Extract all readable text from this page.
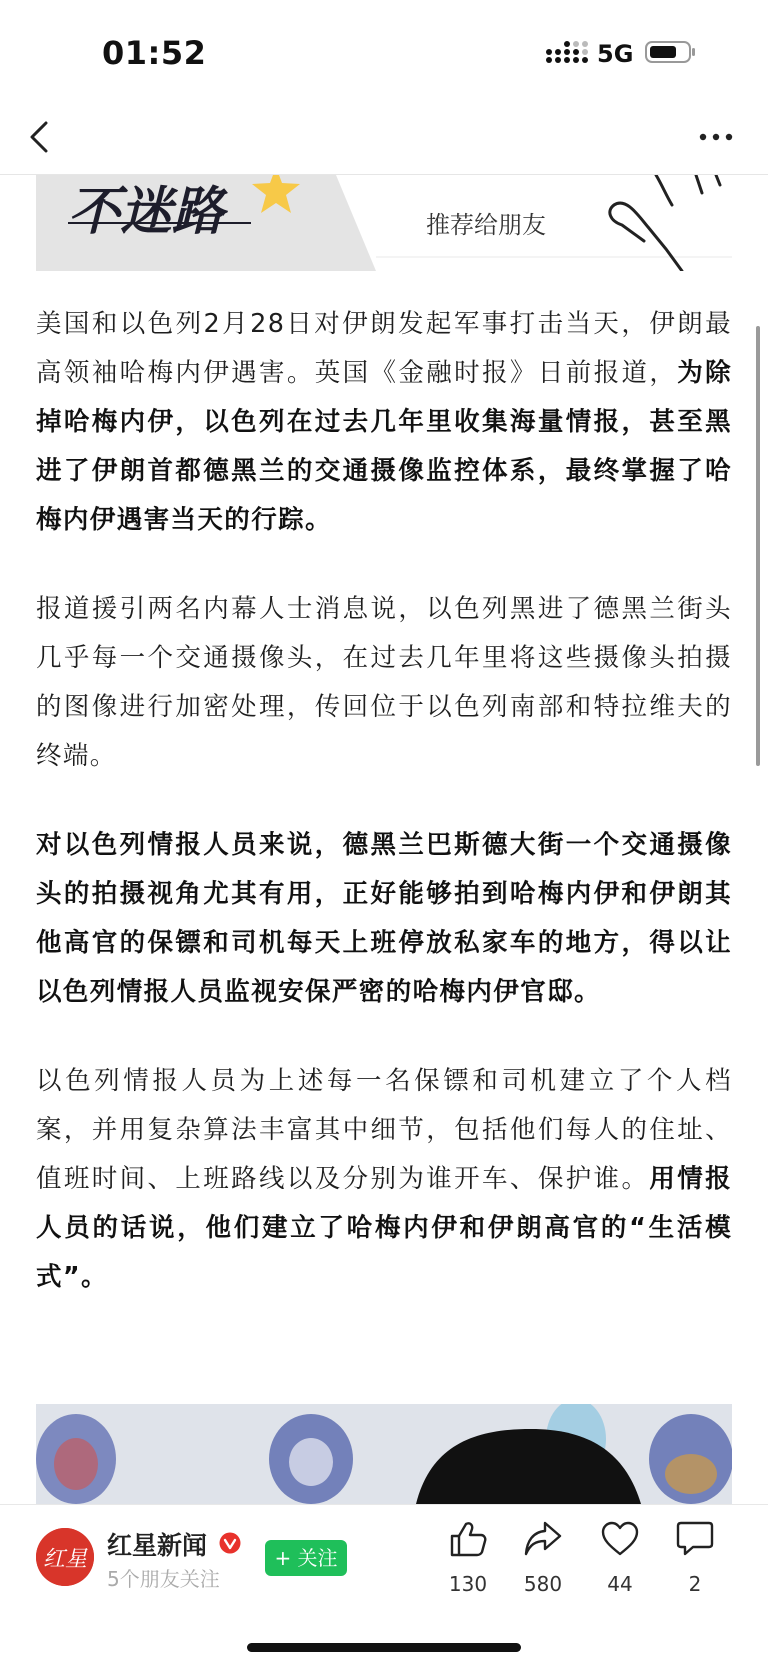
01:52	5G
不迷路	推荐给朋友

美国和以色列2月28日对伊朗发起军事打击当天，伊朗最高领袖哈梅内伊遇害。英国《金融时报》日前报道，为除掉哈梅内伊，以色列在过去几年里收集海量情报，甚至黑进了伊朗首都德黑兰的交通摄像监控体系，最终掌握了哈梅内伊遇害当天的行踪。

报道援引两名内幕人士消息说，以色列黑进了德黑兰街头几乎每一个交通摄像头，在过去几年里将这些摄像头拍摄的图像进行加密处理，传回位于以色列南部和特拉维夫的终端。

对以色列情报人员来说，德黑兰巴斯德大街一个交通摄像头的拍摄视角尤其有用，正好能够拍到哈梅内伊和伊朗其他高官的保镖和司机每天上班停放私家车的地方，得以让以色列情报人员监视安保严密的哈梅内伊官邸。

以色列情报人员为上述每一名保镖和司机建立了个人档案，并用复杂算法丰富其中细节，包括他们每人的住址、值班时间、上班路线以及分别为谁开车、保护谁。用情报人员的话说，他们建立了哈梅内伊和伊朗高官的“生活模式”。

红星 红星新闻
5个朋友关注
+ 关注
130	580	44	2
